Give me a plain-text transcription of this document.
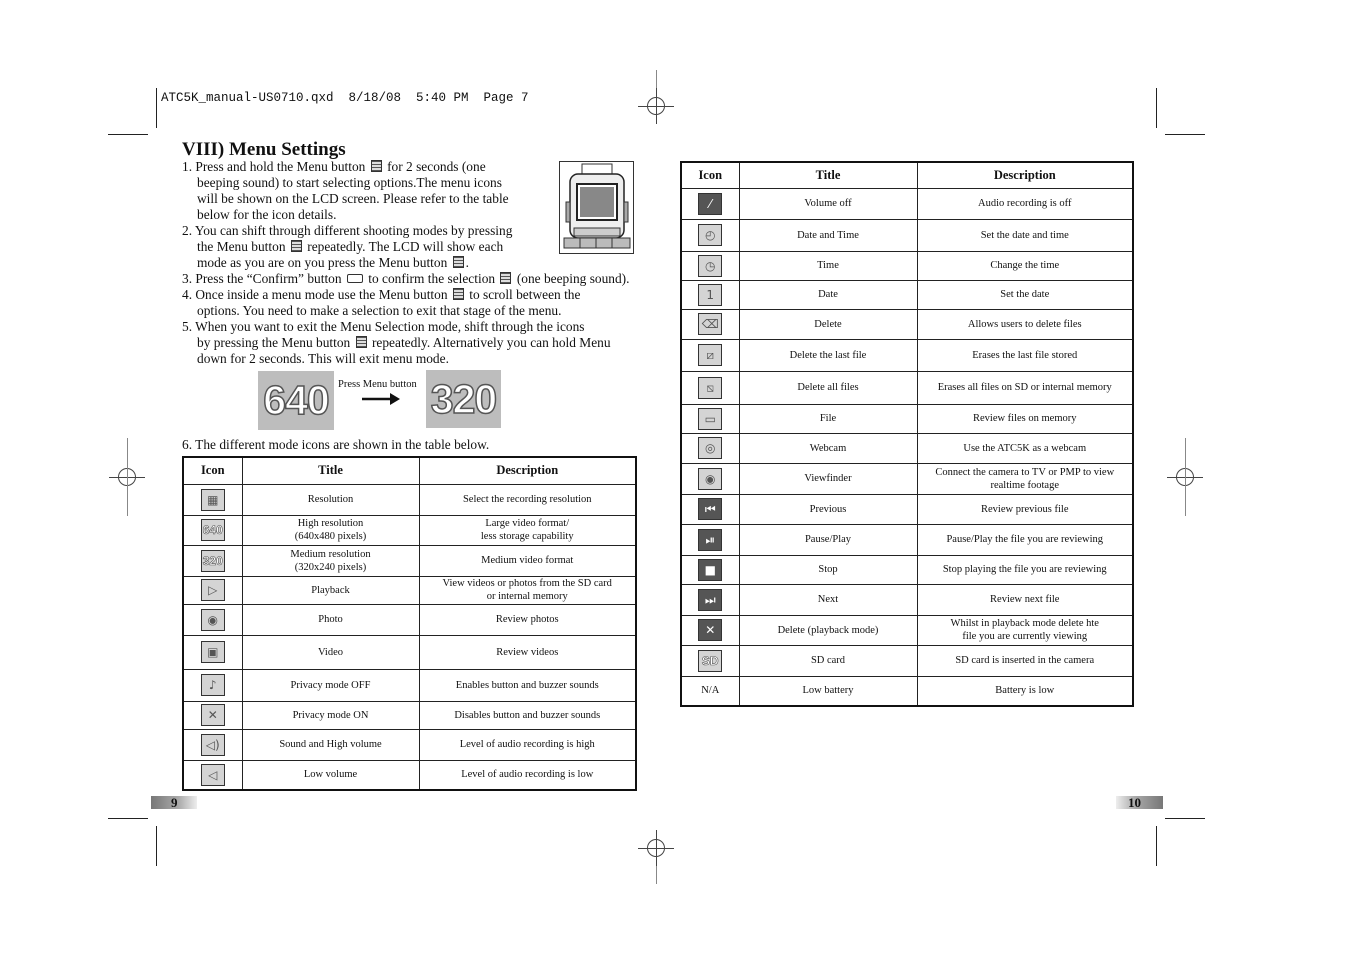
ATC5K_manual-US0710.qxd  8/18/08  5:40 PM  Page 7
VIII) Menu Settings
1. Press and hold the Menu button for 2 seconds (one
beeping sound) to start selecting options.The menu icons
will be shown on the LCD screen. Please refer to the table
below for the icon details.
2. You can shift through different shooting modes by pressing
the Menu button repeatedly. The LCD will show each
mode as you are on you press the Menu button .
3. Press the “Confirm” button to confirm the selection (one beeping sound).
4. Once inside a menu mode use the Menu button to scroll between the
options. You need to make a selection to exit that stage of the menu.
5. When you want to exit the Menu Selection mode, shift through the icons
by pressing the Menu button repeatedly. Alternatively you can hold Menu
down for 2 seconds. This will exit menu mode.
640 Press Menu button 320
6. The different mode icons are shown in the table below.
Icon	Title	Description

▦	Resolution	Select the recording resolution

640	High resolution
(640x480 pixels)	Large video format/
less storage capability

320	Medium resolution
(320x240 pixels)	Medium video format

▷	Playback	View videos or photos from the SD card
or internal memory

◉	Photo	Review photos

▣	Video	Review videos

♪	Privacy mode OFF	Enables button and buzzer sounds

✕	Privacy mode ON	Disables button and buzzer sounds

◁)	Sound and High volume	Level of audio recording is high

◁	Low volume	Level of audio recording is low
Icon	Title	Description

⁄	Volume off	Audio recording is off

◴	Date and Time	Set the date and time

◷	Time	Change the time

1	Date	Set the date

⌫	Delete	Allows users to delete files

⧄	Delete the last file	Erases the last file stored

⧅	Delete all files	Erases all files on SD or internal memory

▭	File	Review files on memory

◎	Webcam	Use the ATC5K as a webcam

◉	Viewfinder	Connect the camera to TV or PMP to view
realtime footage

⏮	Previous	Review previous file

⏯	Pause/Play	Pause/Play the file you are reviewing

■	Stop	Stop playing the file you are reviewing

⏭	Next	Review next file

✕	Delete (playback mode)	Whilst in playback mode delete hte
file you are currently viewing

SD	SD card	SD card is inserted in the camera
N/A	Low battery	Battery is low
9	10
